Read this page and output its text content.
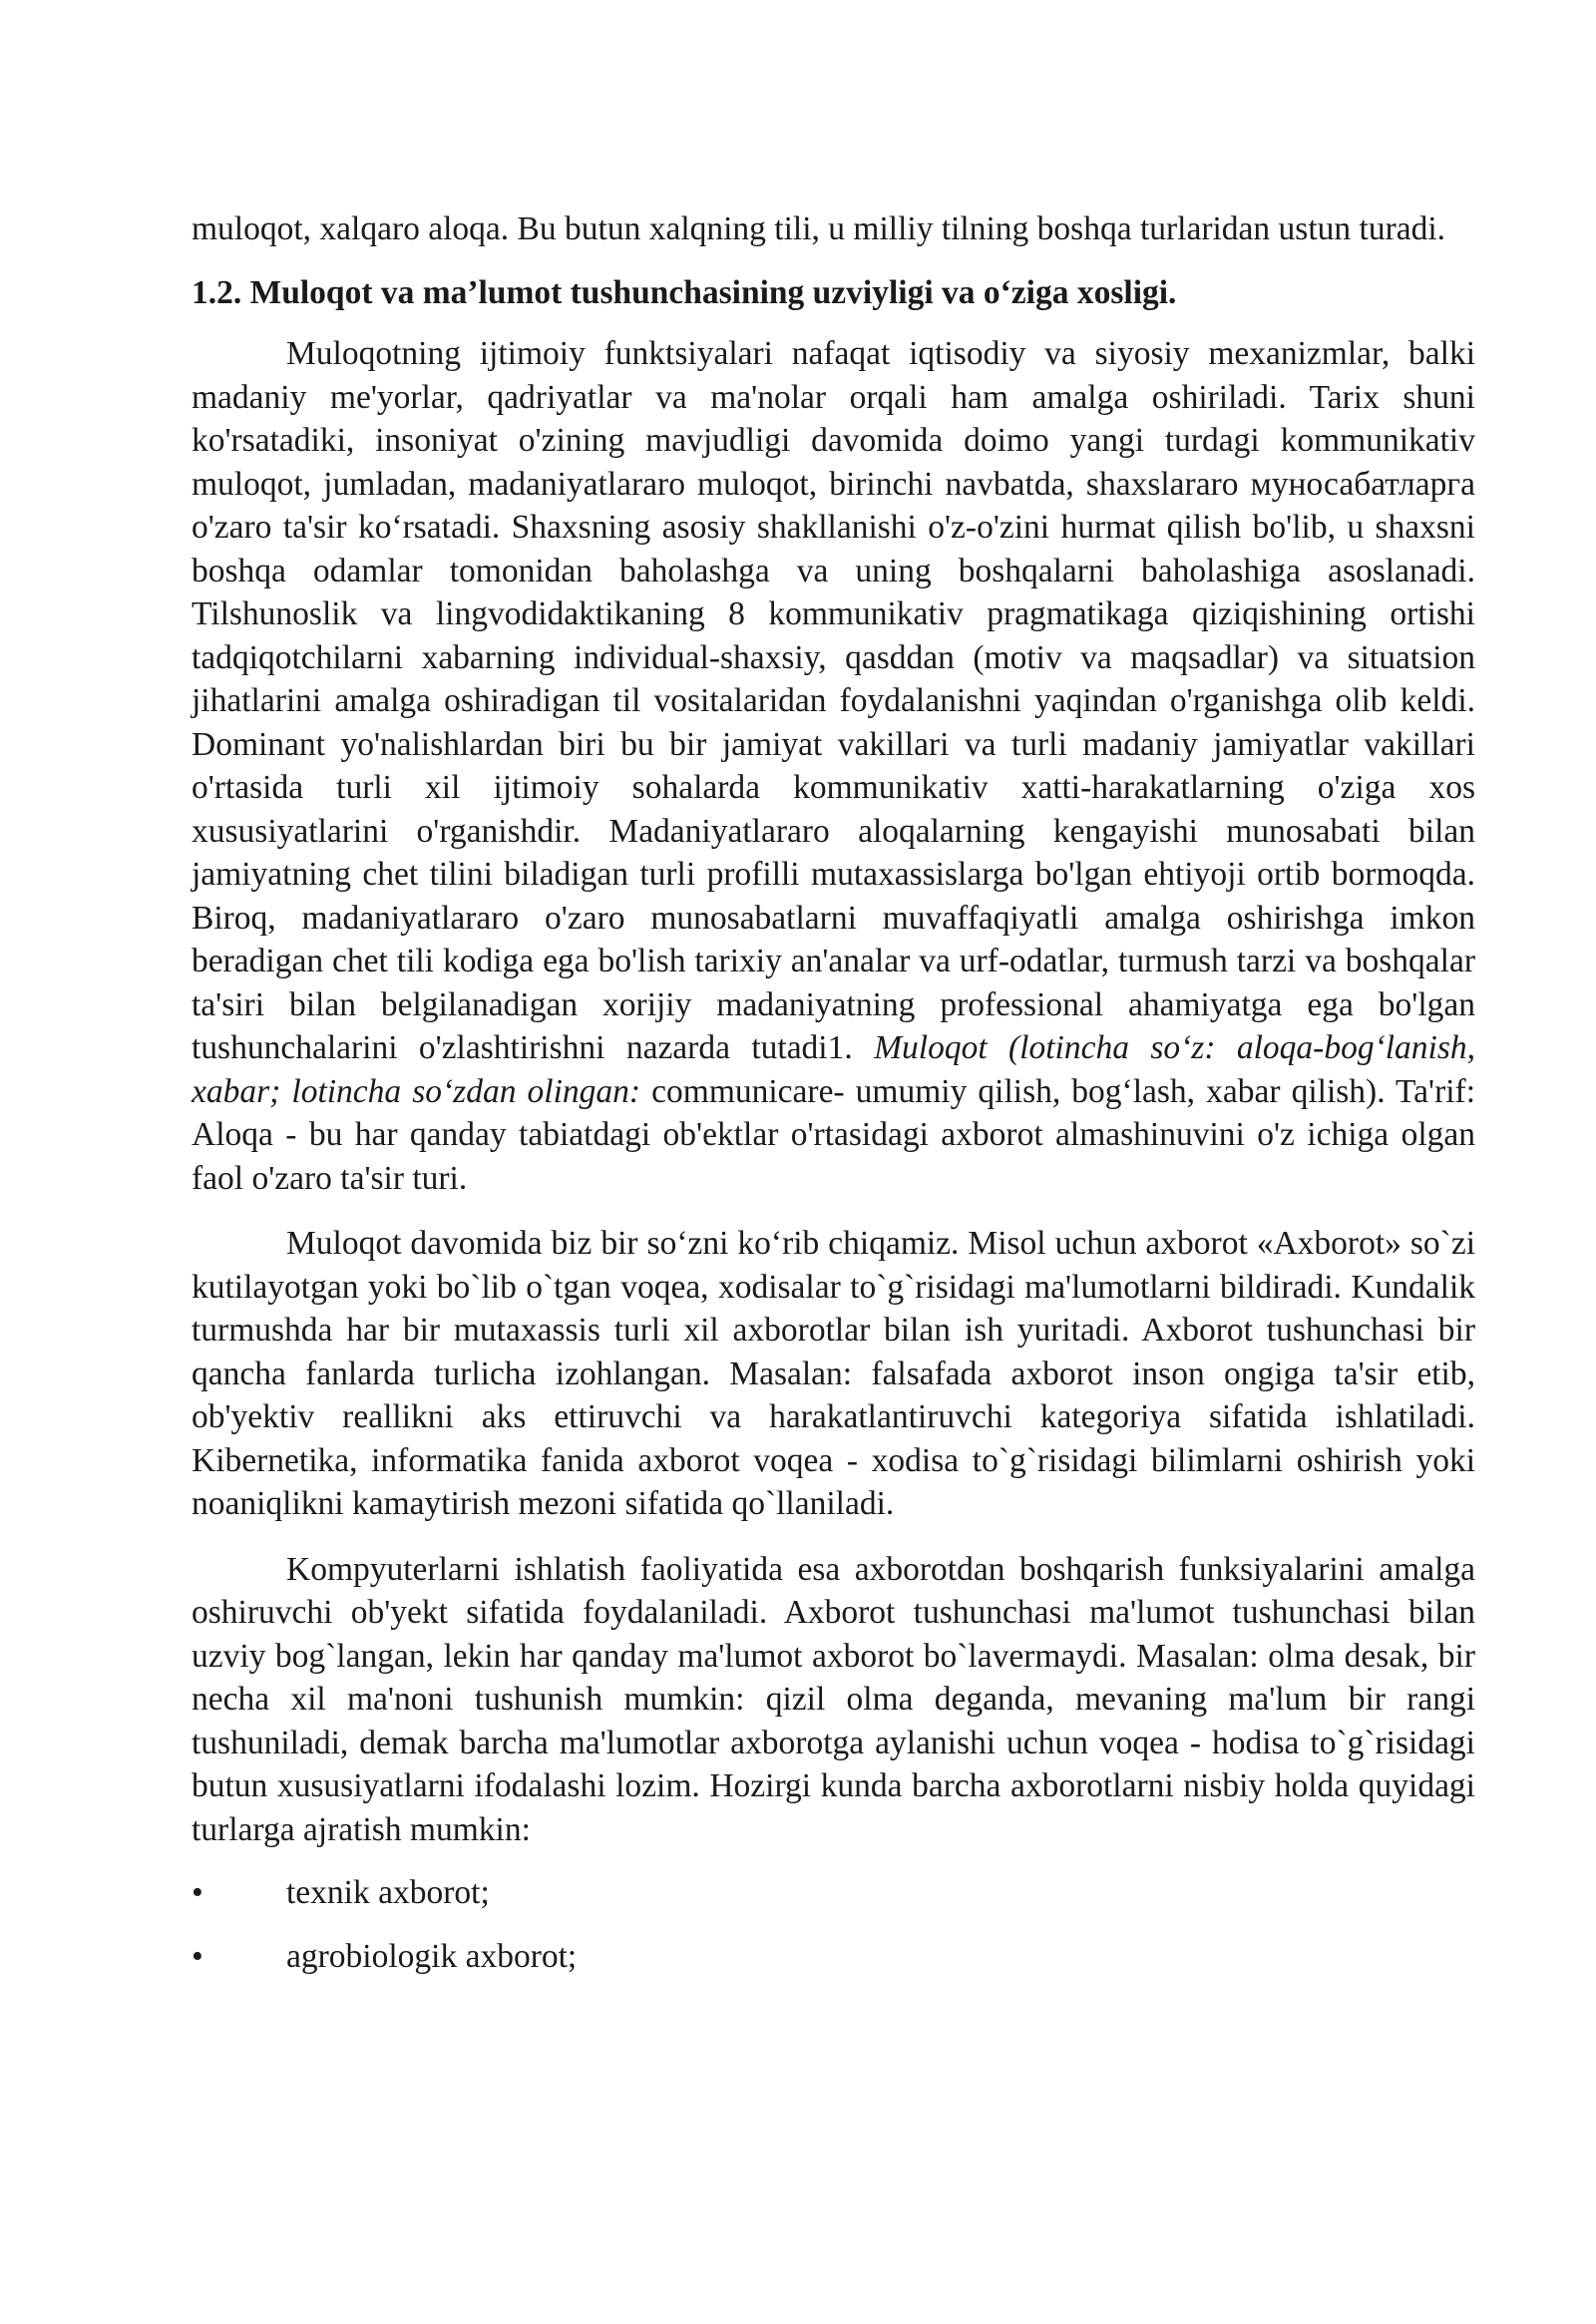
muloqot, xalqaro aloqa. Bu butun xalqning tili, u milliy tilning boshqa turlaridan ustun turadi.

1.2. Muloqot va ma’lumot tushunchasining uzviyligi va o‘ziga xosligi.

Muloqotning ijtimoiy funktsiyalari nafaqat iqtisodiy va siyosiy mexanizmlar, balki madaniy me'yorlar, qadriyatlar va ma'nolar orqali ham amalga oshiriladi. Tarix shuni ko'rsatadiki, insoniyat o'zining mavjudligi davomida doimo yangi turdagi kommunikativ muloqot, jumladan, madaniyatlararo muloqot, birinchi navbatda, shaxslararo муносабатларга o'zaro ta'sir ko‘rsatadi. Shaxsning asosiy shakllanishi o'z-o'zini hurmat qilish bo'lib, u shaxsni boshqa odamlar tomonidan baholashga va uning boshqalarni baholashiga asoslanadi. Tilshunoslik va lingvodidaktikaning 8 kommunikativ pragmatikaga qiziqishining ortishi tadqiqotchilarni xabarning individual-shaxsiy, qasddan (motiv va maqsadlar) va situatsion jihatlarini amalga oshiradigan til vositalaridan foydalanishni yaqindan o'rganishga olib keldi. Dominant yo'nalishlardan biri bu bir jamiyat vakillari va turli madaniy jamiyatlar vakillari o'rtasida turli xil ijtimoiy sohalarda kommunikativ xatti-harakatlarning o'ziga xos xususiyatlarini o'rganishdir. Madaniyatlararo aloqalarning kengayishi munosabati bilan jamiyatning chet tilini biladigan turli profilli mutaxassislarga bo'lgan ehtiyoji ortib bormoqda. Biroq, madaniyatlararo o'zaro munosabatlarni muvaffaqiyatli amalga oshirishga imkon beradigan chet tili kodiga ega bo'lish tarixiy an'analar va urf-odatlar, turmush tarzi va boshqalar ta'siri bilan belgilanadigan xorijiy madaniyatning professional ahamiyatga ega bo'lgan tushunchalarini o'zlashtirishni nazarda tutadi1. Muloqot (lotincha so‘z: aloqa-bog‘lanish, xabar; lotincha so‘zdan olingan: communicare- umumiy qilish, bog‘lash, xabar qilish). Ta'rif: Aloqa - bu har qanday tabiatdagi ob'ektlar o'rtasidagi axborot almashinuvini o'z ichiga olgan faol o'zaro ta'sir turi.

Muloqot davomida biz bir so‘zni ko‘rib chiqamiz. Misol uchun axborot «Axborot» so`zi kutilayotgan yoki bo`lib o`tgan voqea, xodisalar to`g`risidagi ma'lumotlarni bildiradi. Kundalik turmushda har bir mutaxassis turli xil axborotlar bilan ish yuritadi. Axborot tushunchasi bir qancha fanlarda turlicha izohlangan. Masalan: falsafada axborot inson ongiga ta'sir etib, ob'yektiv reallikni aks ettiruvchi va harakatlantiruvchi kategoriya sifatida ishlatiladi. Kibernetika, informatika fanida axborot voqea - xodisa to`g`risidagi bilimlarni oshirish yoki noaniqlikni kamaytirish mezoni sifatida qo`llaniladi.

Kompyuterlarni ishlatish faoliyatida esa axborotdan boshqarish funksiyalarini amalga oshiruvchi ob'yekt sifatida foydalaniladi. Axborot tushunchasi ma'lumot tushunchasi bilan uzviy bog`langan, lekin har qanday ma'lumot axborot bo`lavermaydi. Masalan: olma desak, bir necha xil ma'noni tushunish mumkin: qizil olma deganda, mevaning ma'lum bir rangi tushuniladi, demak barcha ma'lumotlar axborotga aylanishi uchun voqea - hodisa to`g`risidagi butun xususiyatlarni ifodalashi lozim. Hozirgi kunda barcha axborotlarni nisbiy holda quyidagi turlarga ajratish mumkin:

•	texnik axborot;
•	agrobiologik axborot;
